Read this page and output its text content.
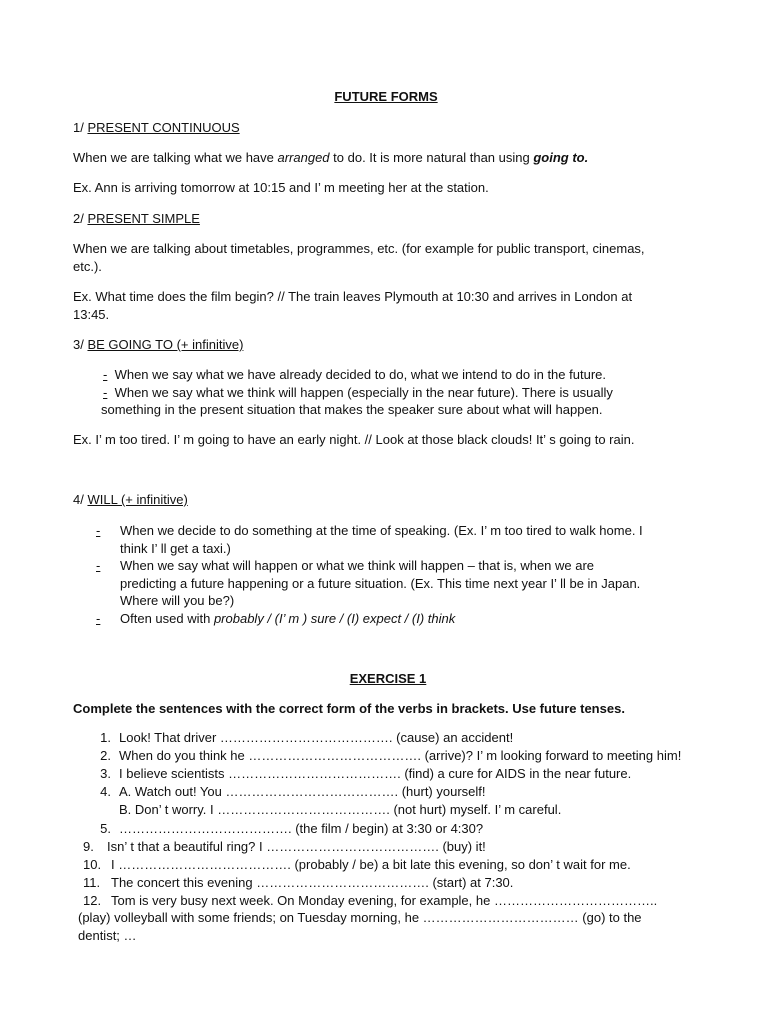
FUTURE FORMS
1/ PRESENT CONTINUOUS
When we are talking what we have arranged to do. It is more natural than using going to.
Ex. Ann is arriving tomorrow at 10:15 and I’ m meeting her at the station.
2/ PRESENT SIMPLE
When we are talking about timetables, programmes, etc. (for example for public transport, cinemas,
etc.).
Ex. What time does the film begin? // The train leaves Plymouth at 10:30 and arrives in London at
13:45.
3/ BE GOING TO (+ infinitive)
- When we say what we have already decided to do, what we intend to do in the future.
- When we say what we think will happen (especially in the near future). There is usually
something in the present situation that makes the speaker sure about what will happen.
Ex. I’ m too tired. I’ m going to have an early night. // Look at those black clouds! It’ s going to rain.
4/ WILL (+ infinitive)
- When we decide to do something at the time of speaking. (Ex. I’ m too tired to walk home. I
think I’ ll get a taxi.)
- When we say what will happen or what we think will happen – that is, when we are
predicting a future happening or a future situation. (Ex. This time next year I’ ll be in Japan.
Where will you be?)
- Often used with probably / (I’ m ) sure / (I) expect / (I) think
EXERCISE 1
Complete the sentences with the correct form of the verbs in brackets. Use future tenses.
1. Look! That driver …………………………………. (cause) an accident!
2. When do you think he …………………………………. (arrive)? I’ m looking forward to meeting him!
3. I believe scientists …………………………………. (find) a cure for AIDS in the near future.
4. A. Watch out! You …………………………………. (hurt) yourself!
B. Don’ t worry. I …………………………………. (not hurt) myself. I’ m careful.
5. …………………………………. (the film / begin) at 3:30 or 4:30?
9. Isn’ t that a beautiful ring? I …………………………………. (buy) it!
10. I …………………………………. (probably / be) a bit late this evening, so don’ t wait for me.
11. The concert this evening …………………………………. (start) at 7:30.
12. Tom is very busy next week. On Monday evening, for example, he ………………………………..
(play) volleyball with some friends; on Tuesday morning, he ……………………………… (go) to the
dentist; …
